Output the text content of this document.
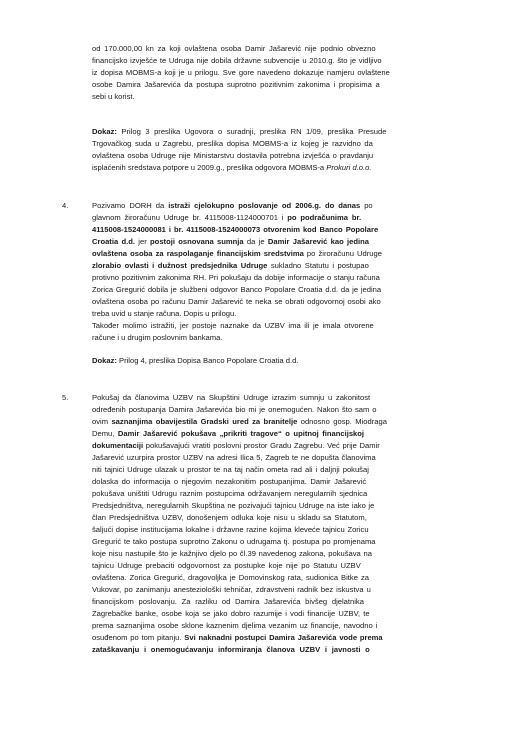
od 170.000,00 kn za koji ovlaštena osoba Damir Jašarević nije podnio obvezno
financijsko izvješće te Udruga nije dobila državne subvencije u 2010.g. što je vidljivo
iz dopisa MOBMS-a koji je u prilogu. Sve gore navedeno dokazuje namjeru ovlaštene
osobe Damira Jašarevića da postupa suprotno pozitivnim zakonima i propisima a
sebi u korist.
Dokaz: Prilog 3 preslika Ugovora o suradnji, preslika RN 1/09, preslika Presude
Trgovačkog suda u Zagrebu, preslika dopisa MOBMS-a iz kojeg je razvidno da
ovlaštena osoba Udruge nije Ministarstvu dostavila potrebna izvješća o pravdanju
isplaćenih sredstava potpore u 2009.g., preslika odgovora MOBMS-a Prokuri d.o.o.
4.	Pozivamo DORH da istraži cjelokupno poslovanje od 2006.g. do danas po
glavnom žiroračunu Udruge br. 4115008-1124000701 i po podračunima br.
4115008-1524000081 i br. 4115008-1524000073 otvorenim kod Banco Popolare
Croatia d.d. jer postoji osnovana sumnja da je Damir Jašarević kao jedina
ovlaštena osoba za raspolaganje financijskim sredstvima po žiroračunu Udruge
zlorabio ovlasti i dužnost predsjednika Udruge sukladno Statutu i postupao
protivno pozitivnim zakonima RH. Pri pokušaju da dobije informacije o stanju računa
Zorica Gregurić dobila je službeni odgovor Banco Popolare Croatia d.d. da je jedina
ovlaštena osoba po računu Damir Jašarević te neka se obrati odgovornoj osobi ako
treba uvid u stanje računa. Dopis u prilogu.
Također molimo istražiti, jer postoje naznake da UZBV ima ili je imala otvorene
račune i u drugim poslovnim bankama.
Dokaz: Prilog 4, preslika Dopisa Banco Popolare Croatia d.d.
5.	Pokušaj da članovima UZBV na Skupštini Udruge izrazim sumnju u zakonitost
određenih postupanja Damira Jašarevića bio mi je onemogućen. Nakon što sam o
ovim saznanjima obavijestila Gradski ured za branitelje odnosno gosp. Miodraga
Demu, Damir Jašarević pokušava „prikriti tragove“ o upitnoj financijskoj
dokumentaciji pokušavajući vratiti poslovni prostor Gradu Zagrebu. Već prije Damir
Jašarević uzurpira prostor UZBV na adresi Ilica 5, Zagreb te ne dopušta članovima
niti tajnici Udruge ulazak u prostor te na taj način ometa rad ali i daljnji pokušaj
dolaska do informacija o njegovim nezakonitim postupanjima. Damir Jašarević
pokušava uništiti Udrugu raznim postupcima održavanjem neregularnih sjednica
Predsjedništva, neregularnih Skupština ne pozivajući tajnicu Udruge na iste iako je
član Predsjedništva UZBV, donošenjem odluka koje nisu u skladu sa Statutom,
šaljući dopise institucijama lokalne i državne razine kojima kleveće tajnicu Zoricu
Gregurić te tako postupa suprotno Zakonu o udrugama tj. postupa po promjenama
koje nisu nastupile što je kažnjivo djelo po čl.39 navedenog zakona, pokušava na
tajnicu Udruge prebaciti odgovornost za postupke koje nije po Statutu UZBV
ovlaštena. Zorica Gregurić, dragovoljka je Domovinskog rata, sudionica Bitke za
Vukovar, po zanimanju anesteziološki tehničar, zdravstveni radnik bez iskustva u
financijskom poslovanju. Za razliku od Damira Jašarevića bivšeg djelatnika
Zagrebačke banke, osobe koja se jako dobro razumije i vodi financije UZBV, te
prema saznanjima osobe sklone kaznenim djelima vezanim uz financije, navodno i
osuđenom po tom pitanju. Svi naknadni postupci Damira Jašarevića vode prema
zataškavanju i onemogućavanju informiranja članova UZBV i javnosti o
